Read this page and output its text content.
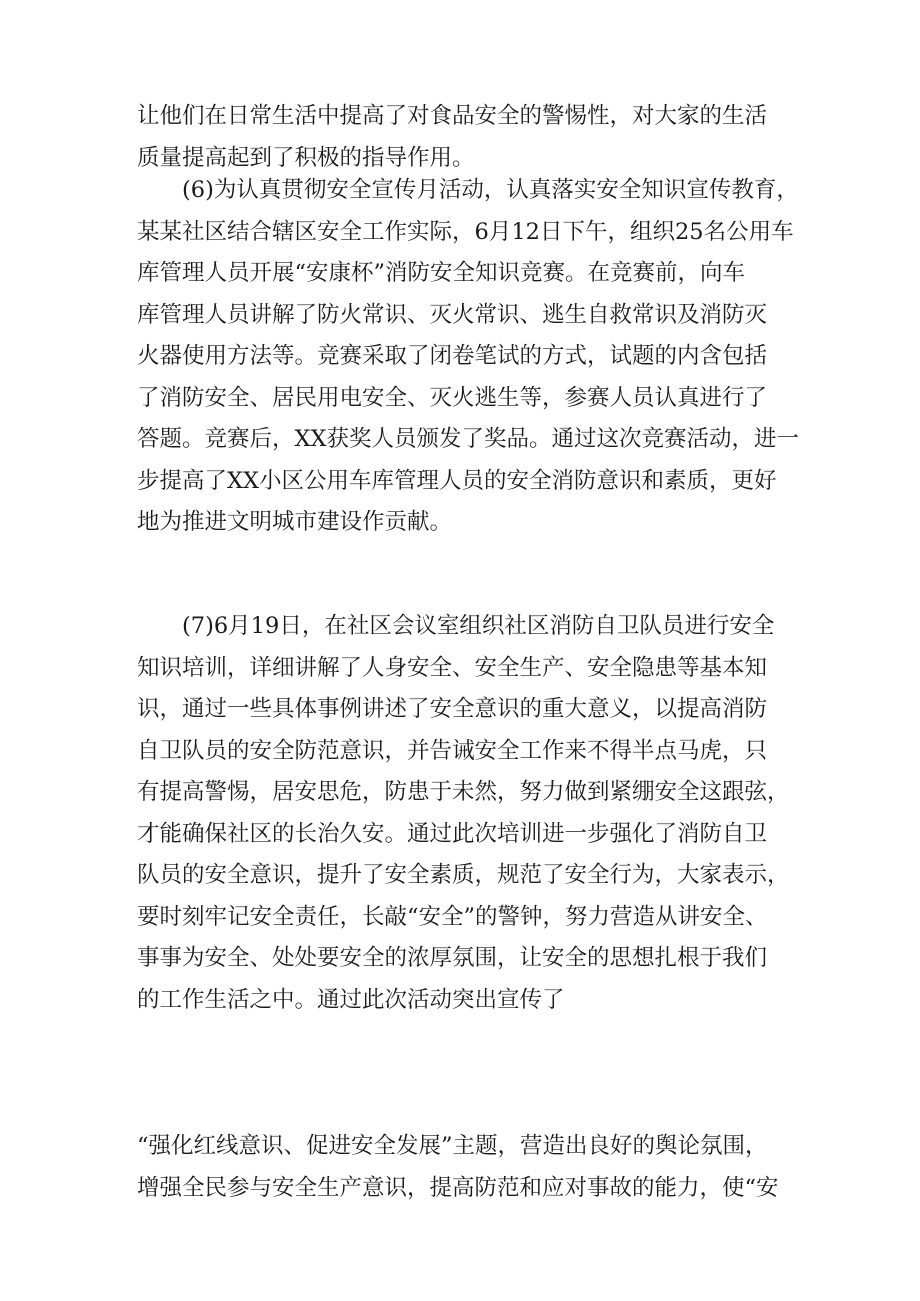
让他们在日常生活中提高了对食品安全的警惕性，对大家的生活
质量提高起到了积极的指导作用。
　　(6)为认真贯彻安全宣传月活动，认真落实安全知识宣传教育，
某某社区结合辖区安全工作实际，6月12日下午，组织25名公用车
库管理人员开展“安康杯”消防安全知识竞赛。在竞赛前，向车
库管理人员讲解了防火常识、灭火常识、逃生自救常识及消防灭
火器使用方法等。竞赛采取了闭卷笔试的方式，试题的内含包括
了消防安全、居民用电安全、灭火逃生等，参赛人员认真进行了
答题。竞赛后，XX获奖人员颁发了奖品。通过这次竞赛活动，进一
步提高了XX小区公用车库管理人员的安全消防意识和素质，更好
地为推进文明城市建设作贡献。
　　(7)6月19日，在社区会议室组织社区消防自卫队员进行安全
知识培训，详细讲解了人身安全、安全生产、安全隐患等基本知
识，通过一些具体事例讲述了安全意识的重大意义，以提高消防
自卫队员的安全防范意识，并告诫安全工作来不得半点马虎，只
有提高警惕，居安思危，防患于未然，努力做到紧绷安全这跟弦，
才能确保社区的长治久安。通过此次培训进一步强化了消防自卫
队员的安全意识，提升了安全素质，规范了安全行为，大家表示，
要时刻牢记安全责任，长敲“安全”的警钟，努力营造从讲安全、
事事为安全、处处要安全的浓厚氛围，让安全的思想扎根于我们
的工作生活之中。通过此次活动突出宣传了
“强化红线意识、促进安全发展”主题，营造出良好的舆论氛围，
增强全民参与安全生产意识，提高防范和应对事故的能力，使“安
